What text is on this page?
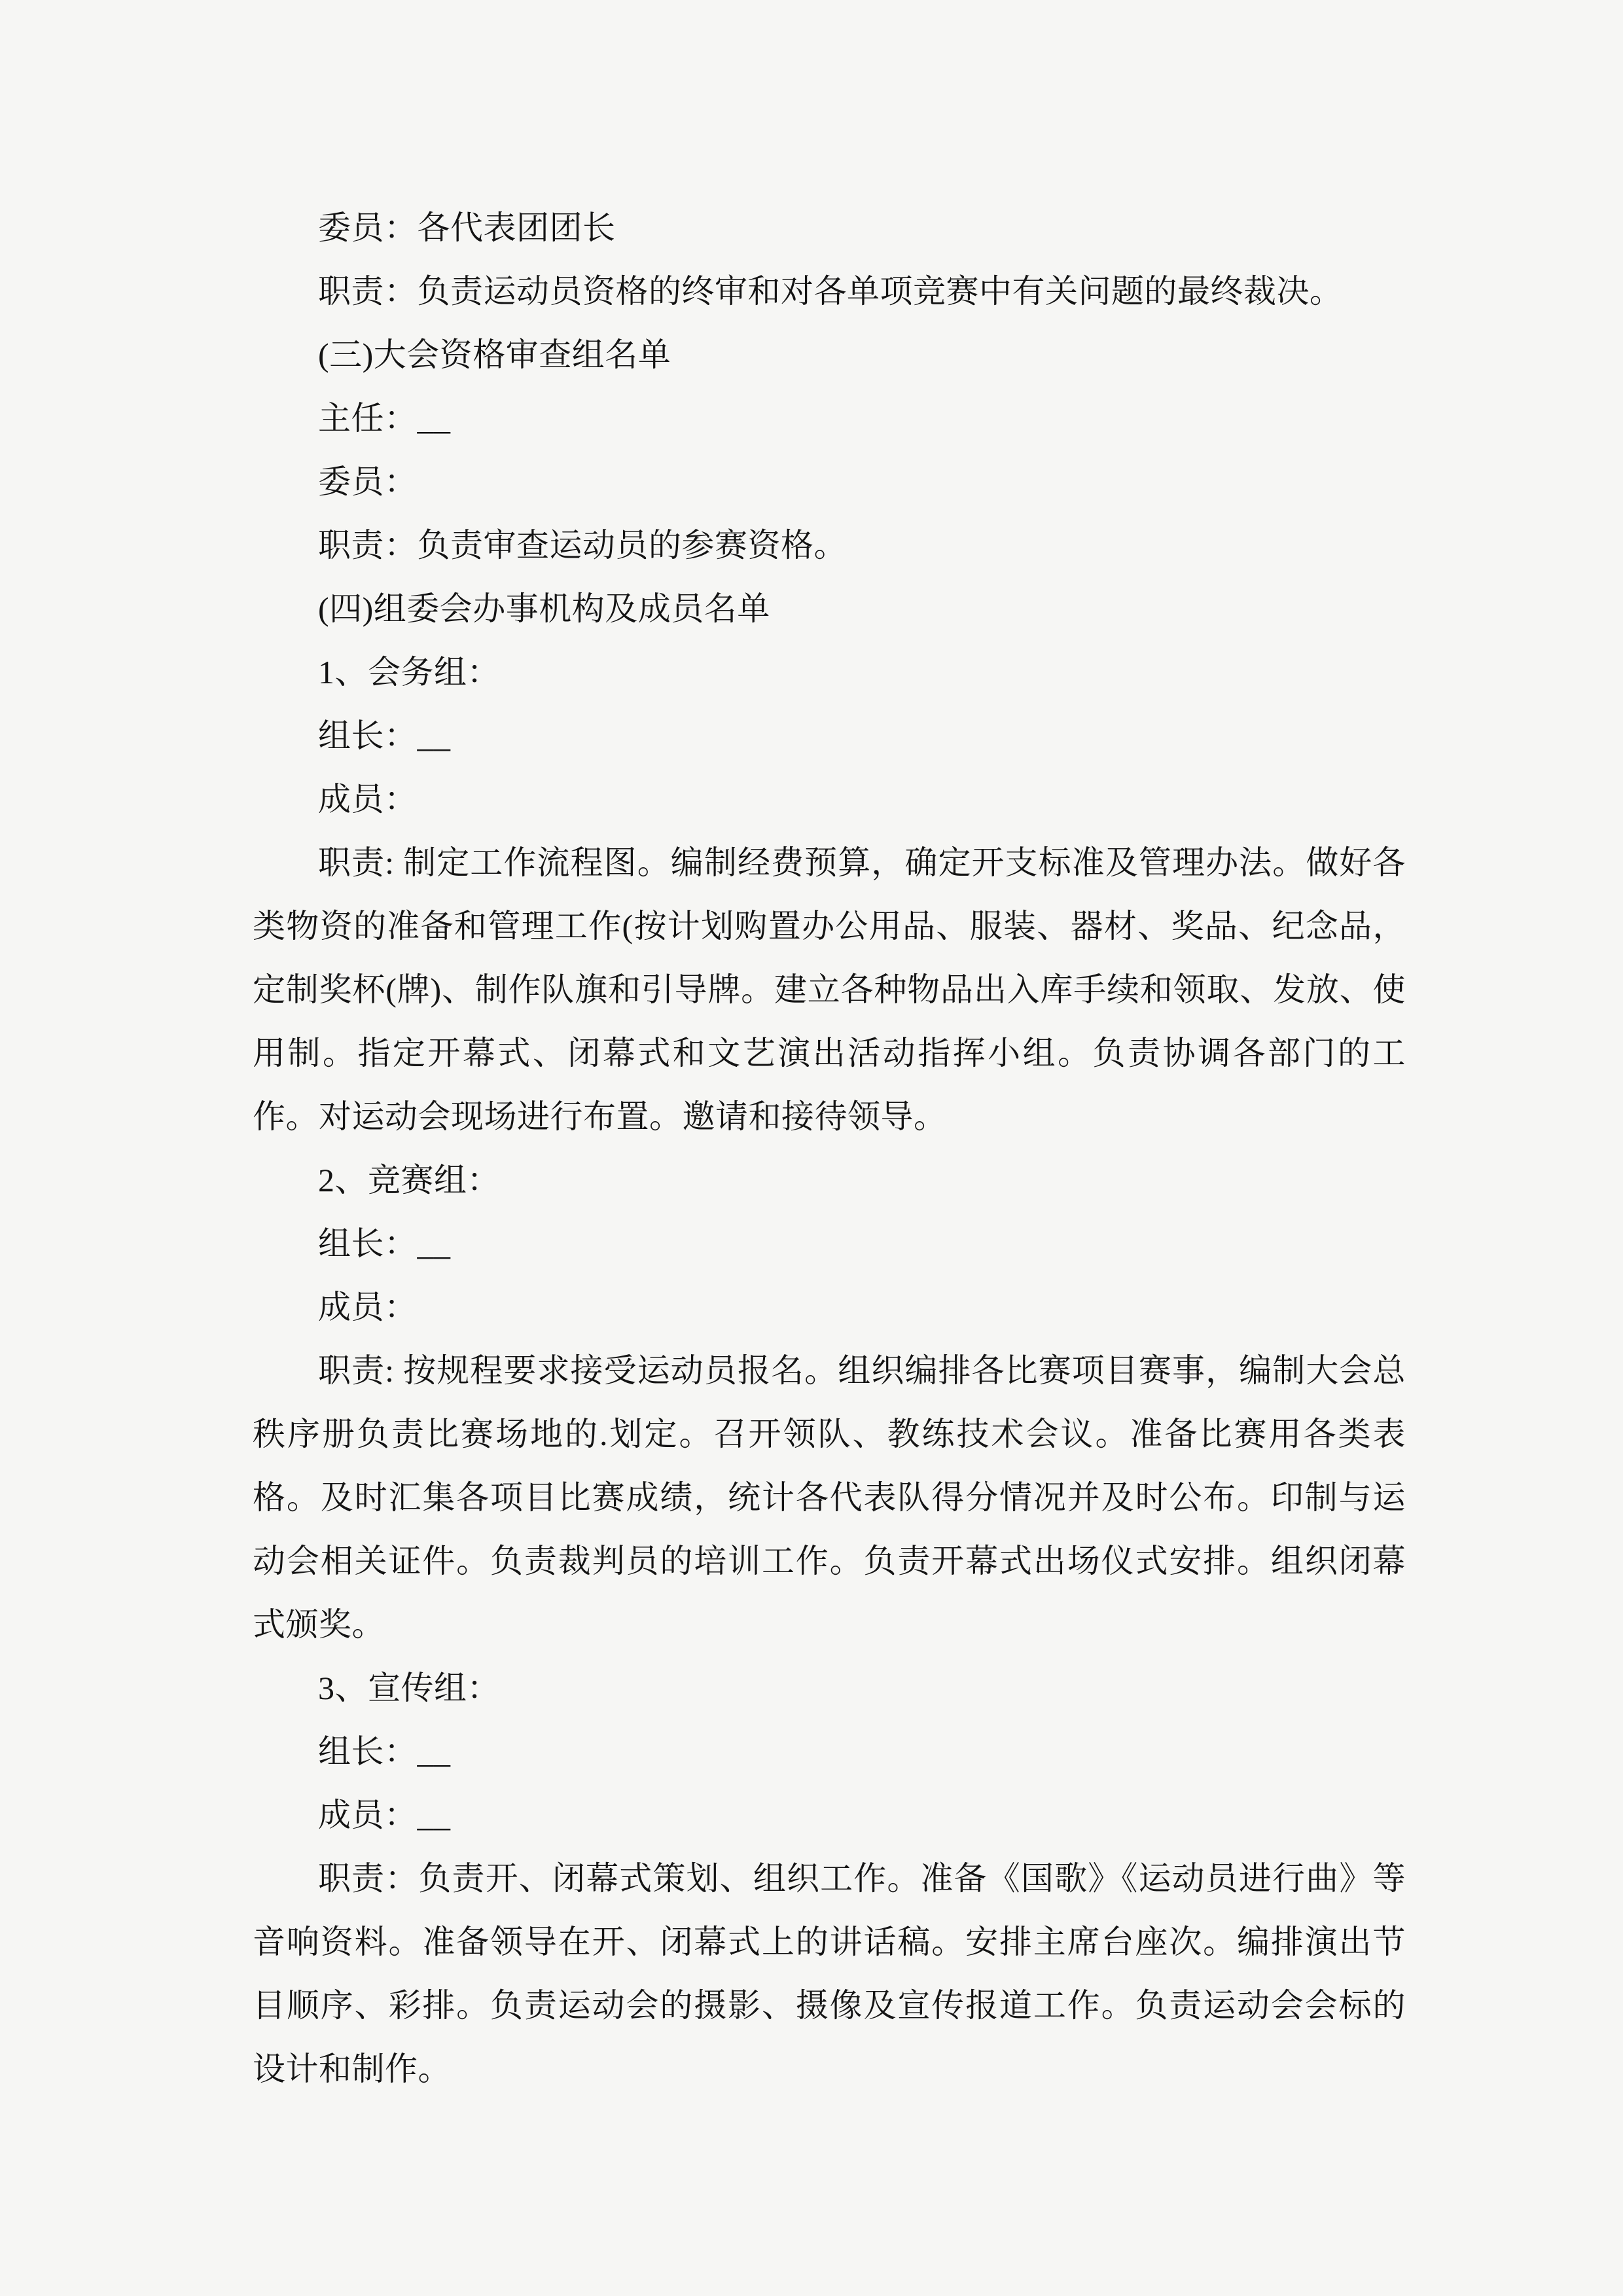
委员：各代表团团长

职责：负责运动员资格的终审和对各单项竞赛中有关问题的最终裁决。

(三)大会资格审查组名单

主任：__

委员：

职责：负责审查运动员的参赛资格。

(四)组委会办事机构及成员名单

1、会务组：

组长：__

成员：

职责: 制定工作流程图。编制经费预算，确定开支标准及管理办法。做好各类物资的准备和管理工作(按计划购置办公用品、服装、器材、奖品、纪念品，定制奖杯(牌)、制作队旗和引导牌。建立各种物品出入库手续和领取、发放、使用制。指定开幕式、闭幕式和文艺演出活动指挥小组。负责协调各部门的工作。对运动会现场进行布置。邀请和接待领导。

2、竞赛组：

组长：__

成员：

职责: 按规程要求接受运动员报名。组织编排各比赛项目赛事，编制大会总秩序册负责比赛场地的.划定。召开领队、教练技术会议。准备比赛用各类表格。及时汇集各项目比赛成绩，统计各代表队得分情况并及时公布。印制与运动会相关证件。负责裁判员的培训工作。负责开幕式出场仪式安排。组织闭幕式颁奖。

3、宣传组：

组长：__

成员：__

职责：负责开、闭幕式策划、组织工作。准备《国歌》《运动员进行曲》等音响资料。准备领导在开、闭幕式上的讲话稿。安排主席台座次。编排演出节目顺序、彩排。负责运动会的摄影、摄像及宣传报道工作。负责运动会会标的设计和制作。
